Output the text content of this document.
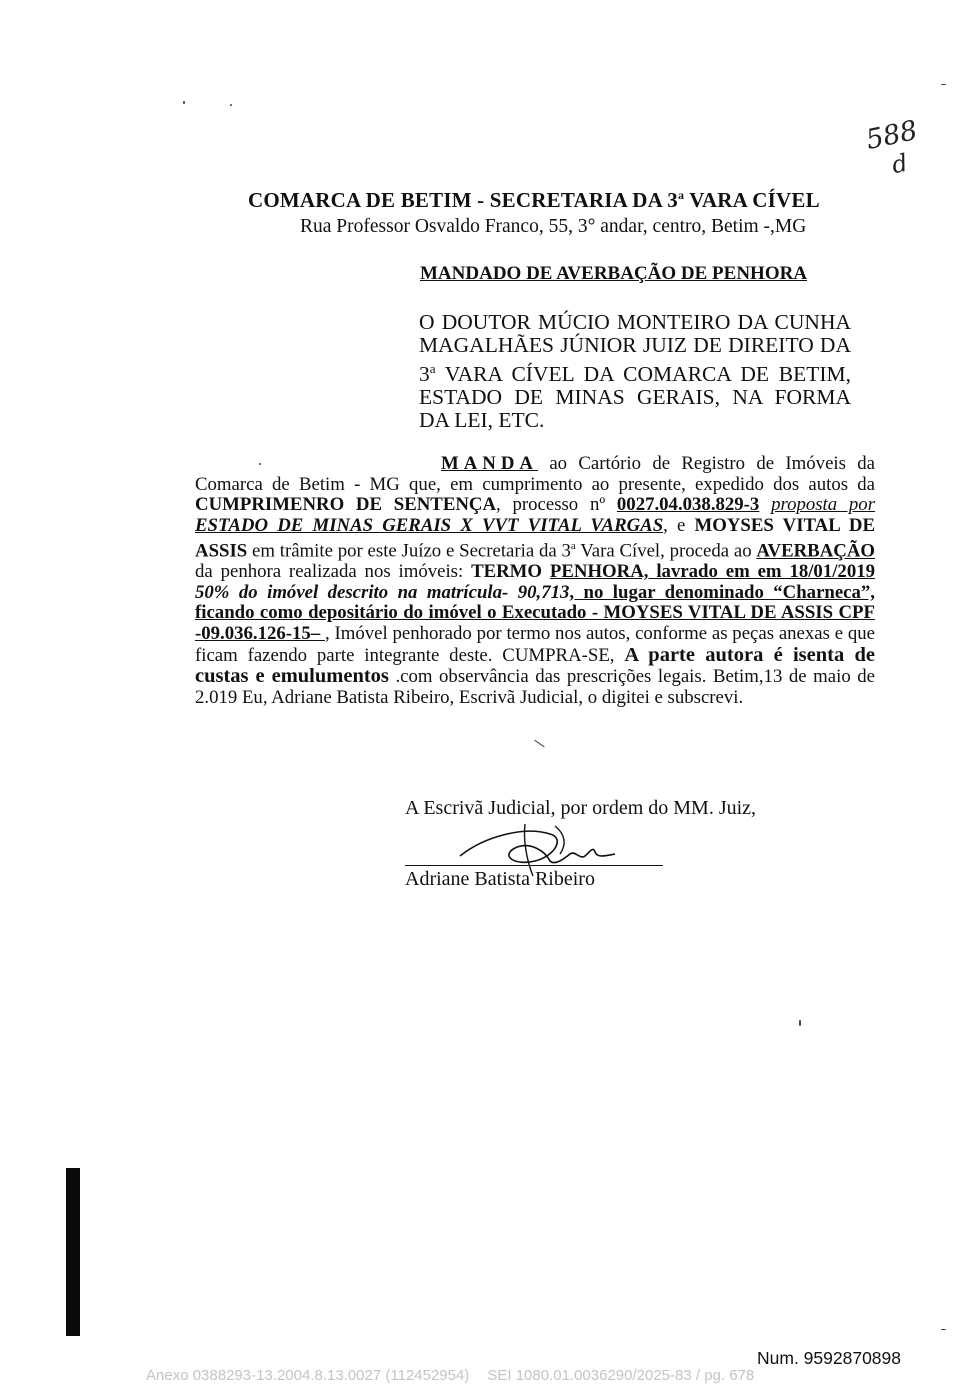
588
d
COMARCA DE BETIM - SECRETARIA DA 3$^a$ VARA CÍVEL
Rua Professor Osvaldo Franco, 55, 3° andar, centro, Betim -,MG
MANDADO DE AVERBAÇÃO DE PENHORA
O DOUTOR MÚCIO MONTEIRO DA CUNHA MAGALHÃES JÚNIOR JUIZ DE DIREITO DA 3$^a$ VARA CÍVEL DA COMARCA DE BETIM, ESTADO DE MINAS GERAIS, NA FORMA DA LEI, ETC.
MANDA ao Cartório de Registro de Imóveis da Comarca de Betim - MG que, em cumprimento ao presente, expedido dos autos da CUMPRIMENRO DE SENTENÇA, processo nº 0027.04.038.829-3 proposta por ESTADO DE MINAS GERAIS X VVT VITAL VARGAS, e MOYSES VITAL DE ASSIS em trâmite por este Juízo e Secretaria da 3$^a$ Vara Cível, proceda ao AVERBAÇÃO da penhora realizada nos imóveis: TERMO PENHORA, lavrado em em 18/01/2019 50% do imóvel descrito na matrícula- 90,713, no lugar denominado “Charneca”, ficando como depositário do imóvel o Executado - MOYSES VITAL DE ASSIS CPF -09.036.126-15– , Imóvel penhorado por termo nos autos, conforme as peças anexas e que ficam fazendo parte integrante deste. CUMPRA-SE, A parte autora é isenta de custas e emulumentos .com observância das prescrições legais. Betim,13 de maio de 2.019 Eu, Adriane Batista Ribeiro, Escrivã Judicial, o digitei e subscrevi.
A Escrivã Judicial, por ordem do MM. Juiz,
Adriane Batista Ribeiro
Num. 9592870898
Anexo 0388293-13.2004.8.13.0027 (112452954) SEI 1080.01.0036290/2025-83 / pg. 678
